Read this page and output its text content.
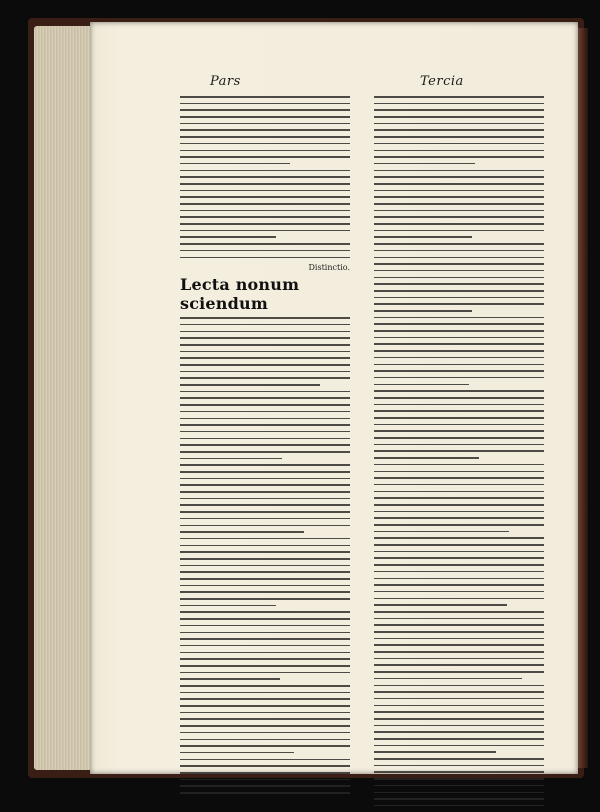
Pars	Tercia
Distinctio.
Lecta nonum sciendum
